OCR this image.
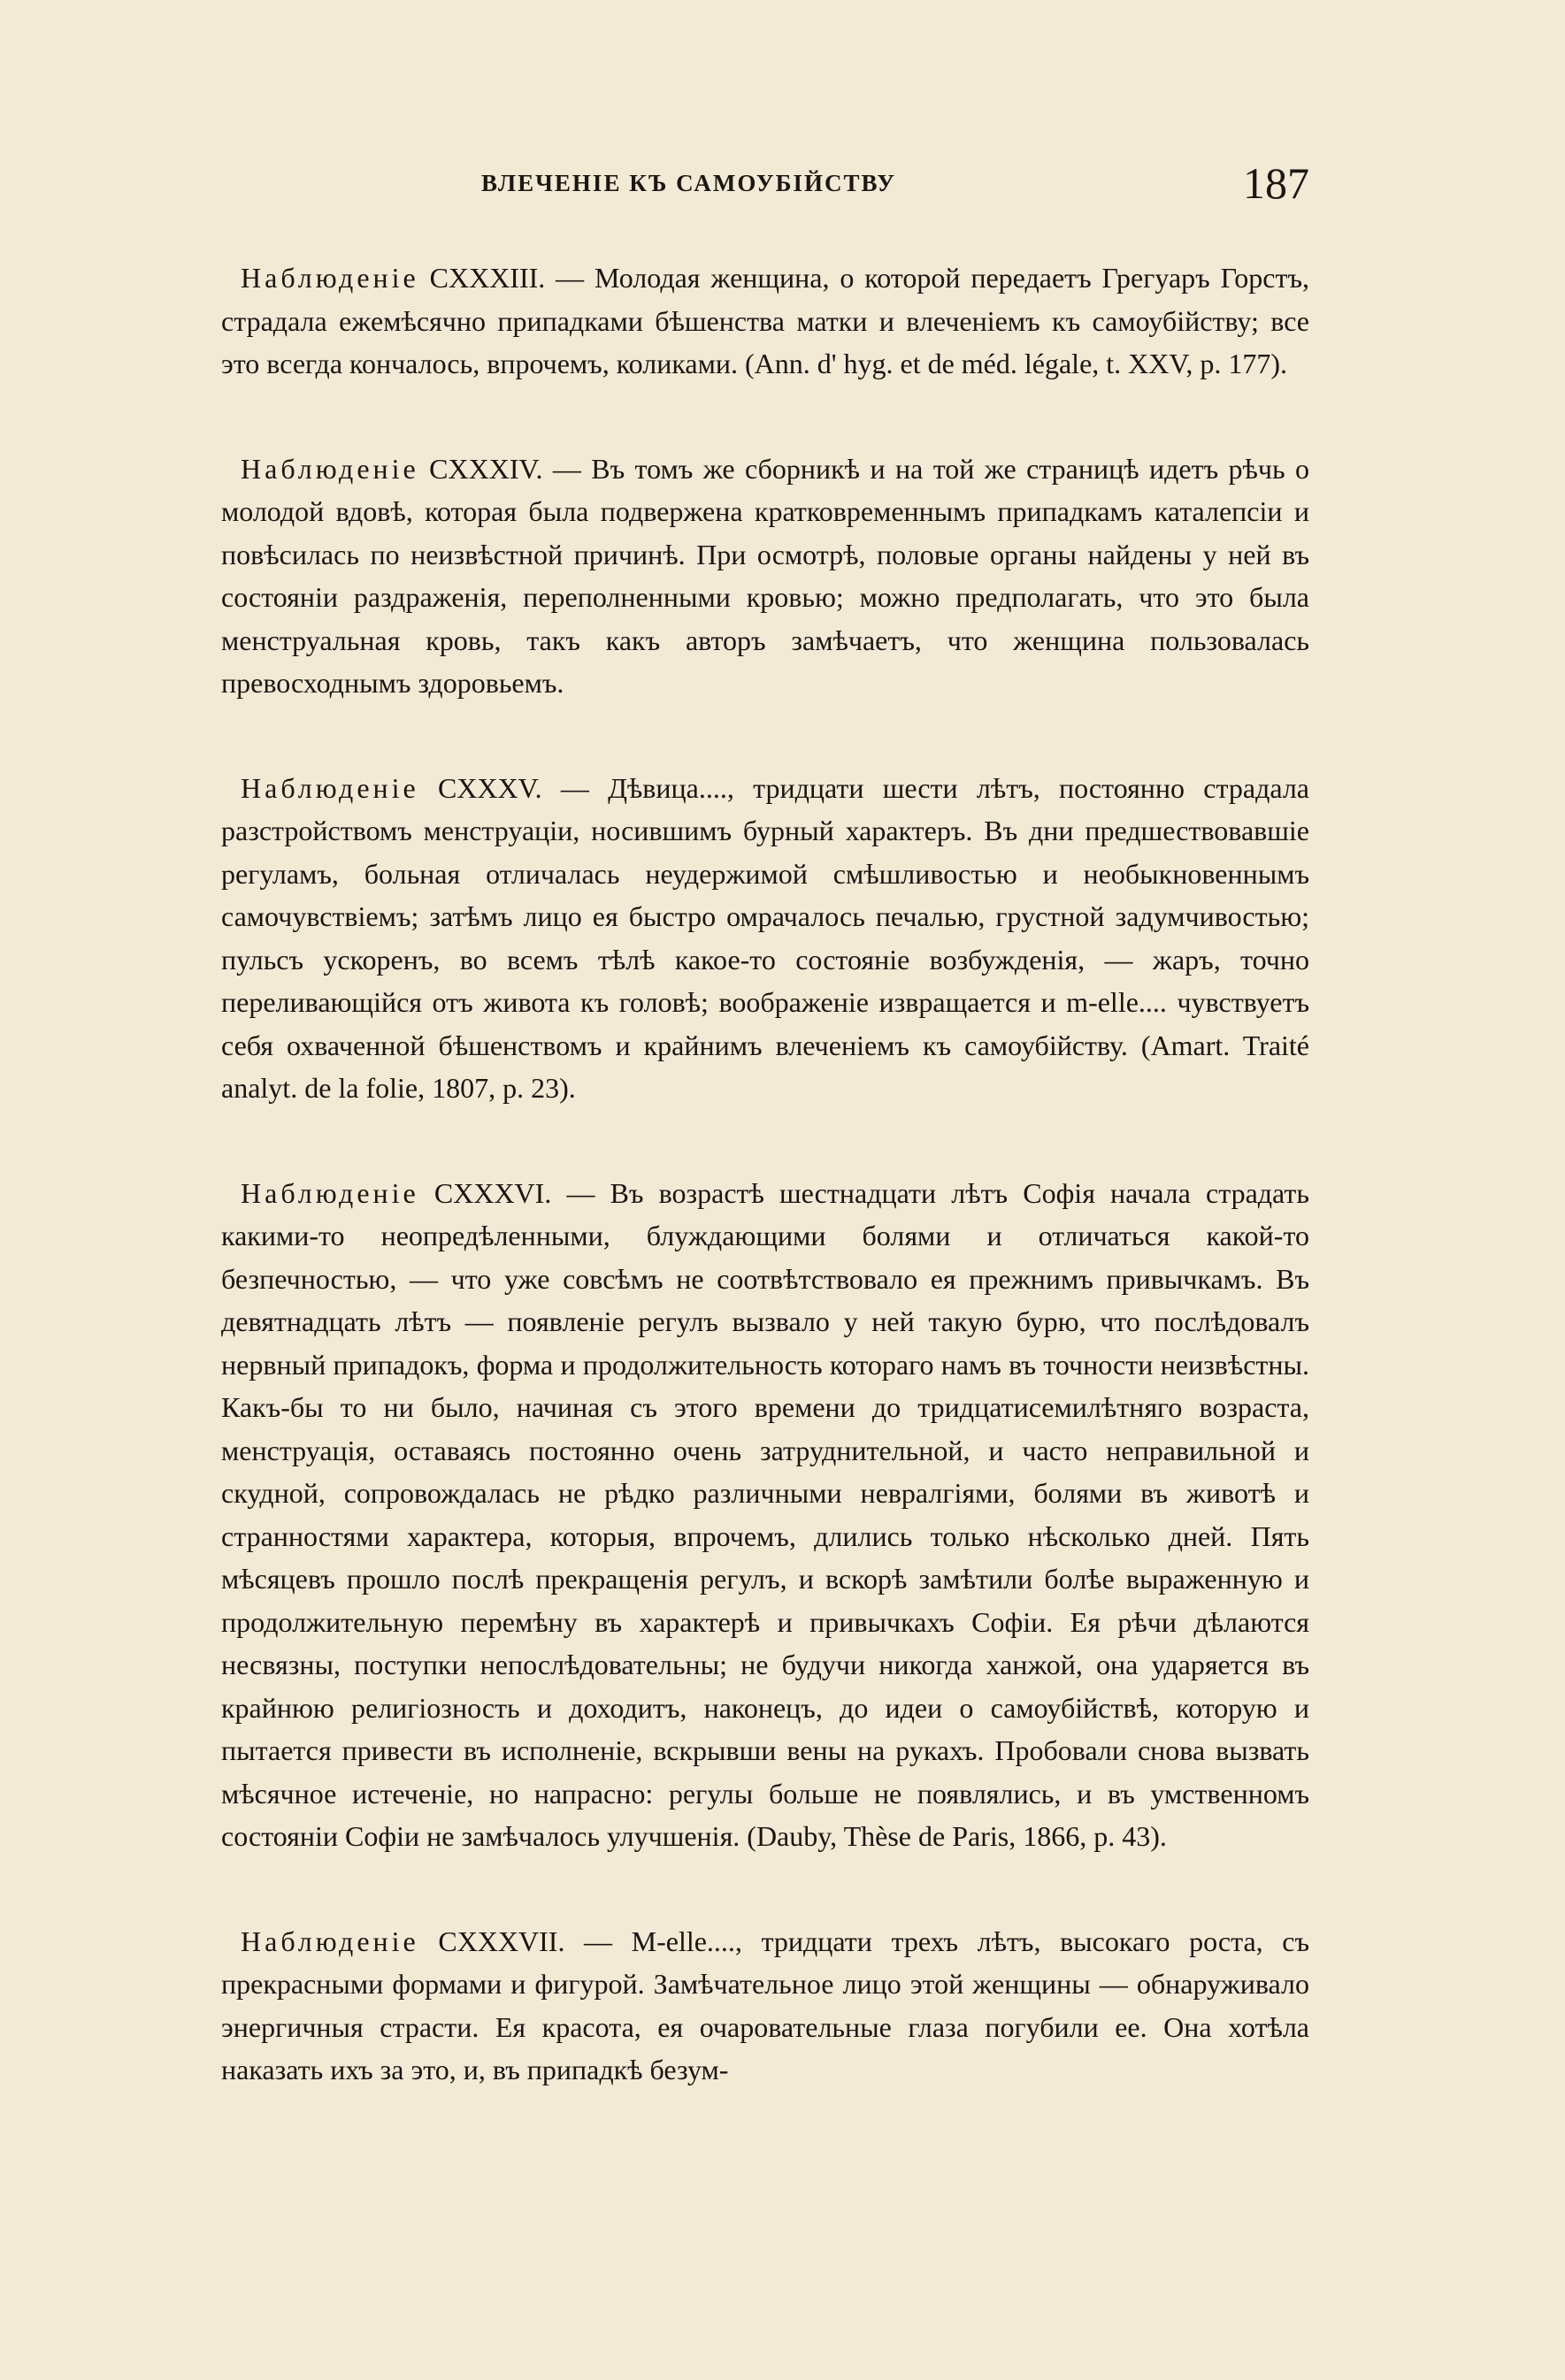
ВЛЕЧЕНІЕ КЪ САМОУБІЙСТВУ	187

Наблюденіе CXXXIII. — Молодая женщина, о которой передаетъ Грегуаръ Горстъ, страдала ежемѣсячно припадками бѣшенства матки и влеченіемъ къ самоубійству; все это всегда кончалось, впрочемъ, коликами. (Ann. d' hyg. et de méd. légale, t. XXV, p. 177).

Наблюденіе CXXXIV. — Въ томъ же сборникѣ и на той же страницѣ идетъ рѣчь о молодой вдовѣ, которая была подвержена кратковременнымъ припадкамъ каталепсіи и повѣсилась по неизвѣстной причинѣ. При осмотрѣ, половые органы найдены у ней въ состояніи раздраженія, переполненными кровью; можно предполагать, что это была менструальная кровь, такъ какъ авторъ замѣчаетъ, что женщина пользовалась превосходнымъ здоровьемъ.

Наблюденіе CXXXV. — Дѣвица...., тридцати шести лѣтъ, постоянно страдала разстройствомъ менструаціи, носившимъ бурный характеръ. Въ дни предшествовавшіе регуламъ, больная отличалась неудержимой смѣшливостью и необыкновеннымъ самочувствіемъ; затѣмъ лицо ея быстро омрачалось печалью, грустной задумчивостью; пульсъ ускоренъ, во всемъ тѣлѣ какое-то состояніе возбужденія, — жаръ, точно переливающійся отъ живота къ головѣ; воображеніе извращается и m-elle.... чувствуетъ себя охваченной бѣшенствомъ и крайнимъ влеченіемъ къ самоубійству. (Amart. Traité analyt. de la folie, 1807, p. 23).

Наблюденіе CXXXVI. — Въ возрастѣ шестнадцати лѣтъ Софія начала страдать какими-то неопредѣленными, блуждающими болями и отличаться какой-то безпечностью, — что уже совсѣмъ не соотвѣтствовало ея прежнимъ привычкамъ. Въ девятнадцать лѣтъ — появленіе регулъ вызвало у ней такую бурю, что послѣдовалъ нервный припадокъ, форма и продолжительность котораго намъ въ точности неизвѣстны. Какъ-бы то ни было, начиная съ этого времени до тридцатисемилѣтняго возраста, менструація, оставаясь постоянно очень затруднительной, и часто неправильной и скудной, сопровождалась не рѣдко различными невралгіями, болями въ животѣ и странностями характера, которыя, впрочемъ, длились только нѣсколько дней. Пять мѣсяцевъ прошло послѣ прекращенія регулъ, и вскорѣ замѣтили болѣе выраженную и продолжительную перемѣну въ характерѣ и привычкахъ Софіи. Ея рѣчи дѣлаются несвязны, поступки непослѣдовательны; не будучи никогда ханжой, она ударяется въ крайнюю религіозность и доходитъ, наконецъ, до идеи о самоубійствѣ, которую и пытается привести въ исполненіе, вскрывши вены на рукахъ. Пробовали снова вызвать мѣсячное истеченіе, но напрасно: регулы больше не появлялись, и въ умственномъ состояніи Софіи не замѣчалось улучшенія. (Dauby, Thèse de Paris, 1866, p. 43).

Наблюденіе CXXXVII. — M-elle...., тридцати трехъ лѣтъ, высокаго роста, съ прекрасными формами и фигурой. Замѣчательное лицо этой женщины — обнаруживало энергичныя страсти. Ея красота, ея очаровательные глаза погубили ее. Она хотѣла наказать ихъ за это, и, въ припадкѣ безум-
